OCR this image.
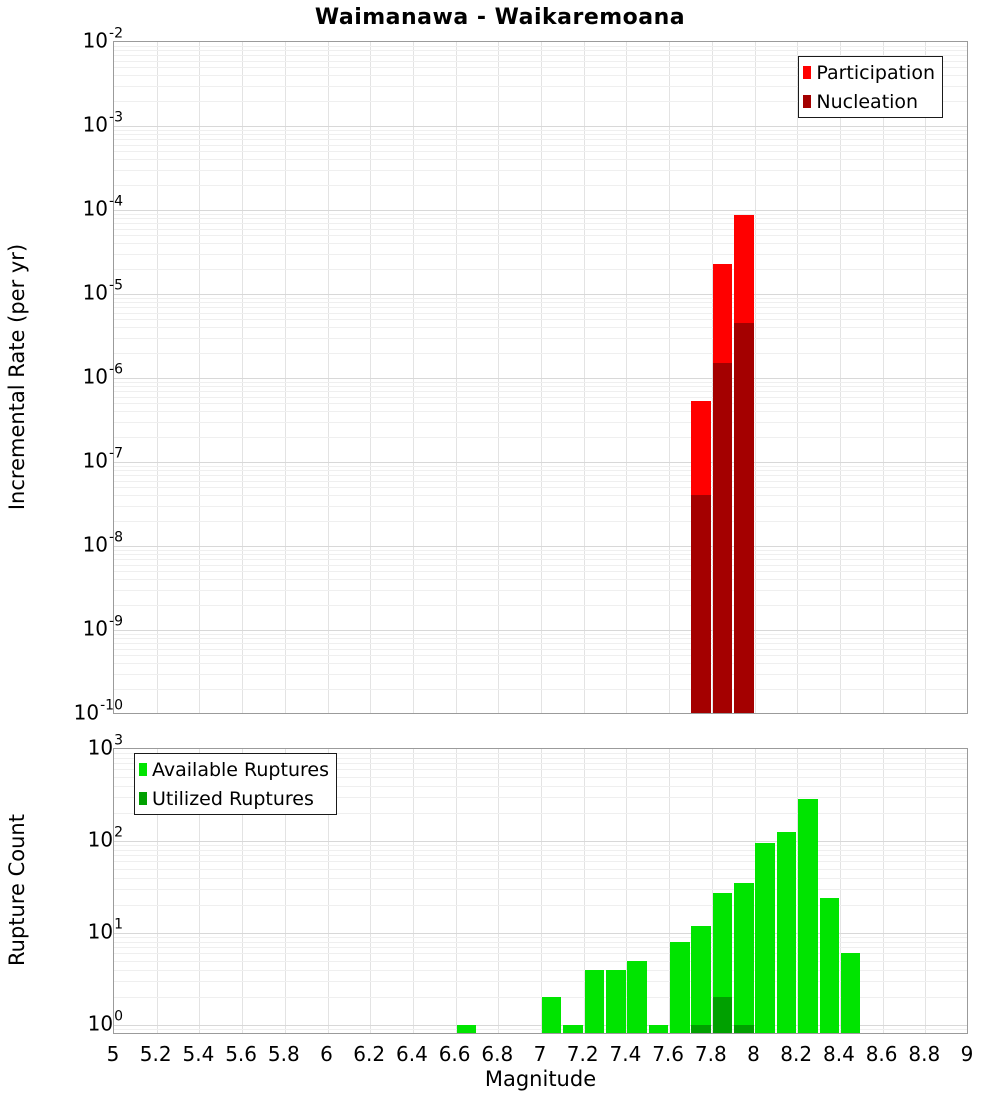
Waimanawa - Waikaremoana
Incremental Rate (per yr)
Rupture Count
Participation
Nucleation
Available Ruptures
Utilized Ruptures
$10^{-2}$
$10^{-3}$
$10^{-4}$
$10^{-5}$
$10^{-6}$
$10^{-7}$
$10^{-8}$
$10^{-9}$
$10^{-10}$
$10^3$
$10^2$
$10^1$
$10^0$
5 5.2 5.4 5.6 5.8 6 6.2 6.4 6.6 6.8 7 7.2 7.4 7.6 7.8 8 8.2 8.4 8.6 8.8 9
Magnitude
